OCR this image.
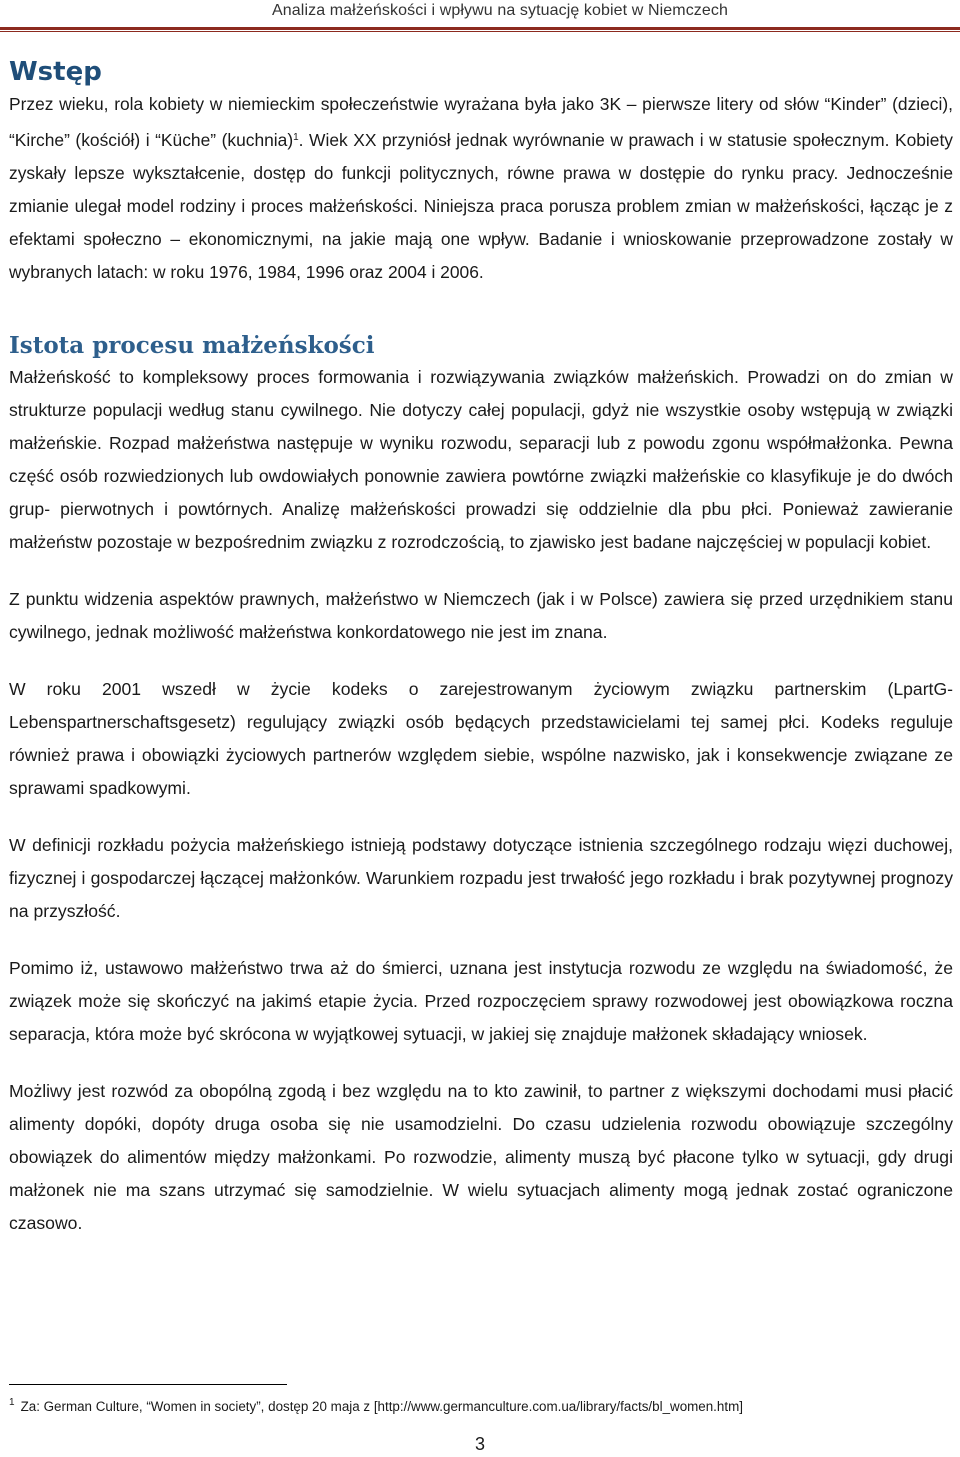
Analiza małżeńskości i wpływu na sytuację kobiet w Niemczech
Wstęp

Przez wieku, rola kobiety w niemieckim społeczeństwie wyrażana była jako 3K – pierwsze litery od słów “Kinder” (dzieci), “Kirche” (kościół) i “Küche” (kuchnia)$^1$. Wiek XX przyniósł jednak wyrównanie w prawach i w statusie społecznym. Kobiety zyskały lepsze wykształcenie, dostęp do funkcji politycznych, równe prawa w dostępie do rynku pracy. Jednocześnie zmianie ulegał model rodziny i proces małżeńskości. Niniejsza praca porusza problem zmian w małżeńskości, łącząc je z efektami społeczno – ekonomicznymi, na jakie mają one wpływ. Badanie i wnioskowanie przeprowadzone zostały w wybranych latach: w roku 1976, 1984, 1996 oraz 2004 i 2006.

Istota procesu małżeńskości

Małżeńskość to kompleksowy proces formowania i rozwiązywania związków małżeńskich. Prowadzi on do zmian w strukturze populacji według stanu cywilnego. Nie dotyczy całej populacji, gdyż nie wszystkie osoby wstępują w związki małżeńskie. Rozpad małżeństwa następuje w wyniku rozwodu, separacji lub z powodu zgonu współmałżonka. Pewna część osób rozwiedzionych lub owdowiałych ponownie zawiera powtórne związki małżeńskie co klasyfikuje je do dwóch grup- pierwotnych i powtórnych. Analizę małżeńskości prowadzi się oddzielnie dla pbu płci. Ponieważ zawieranie małżeństw pozostaje w bezpośrednim związku z rozrodczością, to zjawisko jest badane najczęściej w populacji kobiet.

Z punktu widzenia aspektów prawnych, małżeństwo w Niemczech (jak i w Polsce) zawiera się przed urzędnikiem stanu cywilnego, jednak możliwość małżeństwa konkordatowego nie jest im znana.

W roku 2001 wszedł w życie kodeks o zarejestrowanym życiowym związku partnerskim (LpartG- Lebenspartnerschaftsgesetz) regulujący związki osób będących przedstawicielami tej samej płci. Kodeks reguluje również prawa i obowiązki życiowych partnerów względem siebie, wspólne nazwisko, jak i konsekwencje związane ze sprawami spadkowymi.

W definicji rozkładu pożycia małżeńskiego istnieją podstawy dotyczące istnienia szczególnego rodzaju więzi duchowej, fizycznej i gospodarczej łączącej małżonków. Warunkiem rozpadu jest trwałość jego rozkładu i brak pozytywnej prognozy na przyszłość.

Pomimo iż, ustawowo małżeństwo trwa aż do śmierci, uznana jest instytucja rozwodu ze względu na świadomość, że związek może się skończyć na jakimś etapie życia. Przed rozpoczęciem sprawy rozwodowej jest obowiązkowa roczna separacja, która może być skrócona w wyjątkowej sytuacji, w jakiej się znajduje małżonek składający wniosek.

Możliwy jest rozwód za obopólną zgodą i bez względu na to kto zawinił, to partner z większymi dochodami musi płacić alimenty dopóki, dopóty druga osoba się nie usamodzielni. Do czasu udzielenia rozwodu obowiązuje szczególny obowiązek do alimentów między małżonkami. Po rozwodzie, alimenty muszą być płacone tylko w sytuacji, gdy drugi małżonek nie ma szans utrzymać się samodzielnie. W wielu sytuacjach alimenty mogą jednak zostać ograniczone czasowo.

$^1$ Za: German Culture, “Women in society”, dostęp 20 maja z [http://www.germanculture.com.ua/library/facts/bl_women.htm]
3
